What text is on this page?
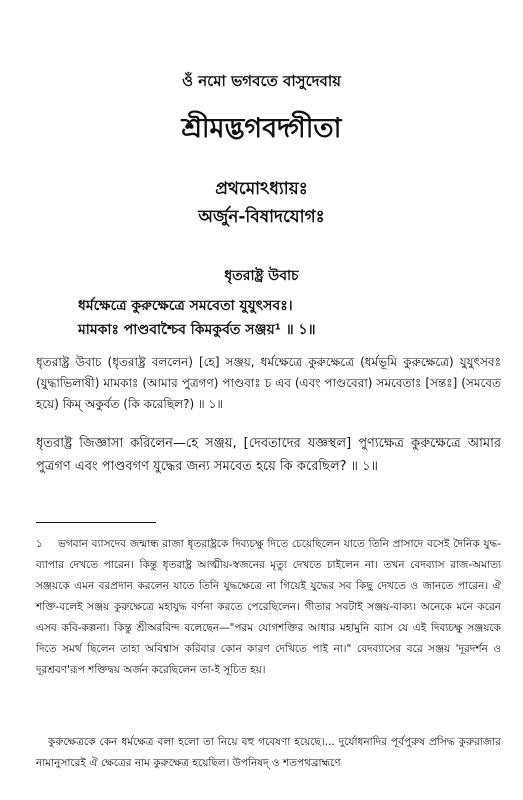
ওঁ নমো ভগবতে বাসুদেবায়
শ্রীমদ্ভগবদ্গীতা
প্রথমোঽধ্যায়ঃ
অর্জুন-বিষাদযোগঃ
ধৃতরাষ্ট্র উবাচ
ধর্মক্ষেত্রে কুরুক্ষেত্রে সমবেতা যুযুৎসবঃ।
মামকাঃ পাণ্ডবাশ্চৈব কিমকুর্বত সঞ্জয়¹ ॥ ১॥
ধৃতরাষ্ট্র উবাচ (ধৃতরাষ্ট্র বললেন) [হে] সঞ্জয়, ধর্মক্ষেত্রে কুরুক্ষেত্রে (ধর্মভূমি কুরুক্ষেত্রে) যুযুৎসবঃ (যুদ্ধাভিলাষী) মামকাঃ (আমার পুত্রগণ) পাণ্ডবাঃ চ এব (এবং পাণ্ডবেরা) সমবেতাঃ [সন্তঃ] (সমবেত হয়ে) কিম্ অকুর্বত (কি করেছিল?) ॥ ১॥
ধৃতরাষ্ট্র জিজ্ঞাসা করিলেন—হে সঞ্জয়, [দেবতাদের যজ্ঞস্থল] পুণ্যক্ষেত্র কুরুক্ষেত্রে আমার পুত্রগণ এবং পাণ্ডবগণ যুদ্ধের জন্য সমবেত হয়ে কি করেছিল? ॥ ১॥
১ ভগবান ব্যাসদেব জন্মান্ধ রাজা ধৃতরাষ্ট্রকে দিব্যচক্ষু দিতে চেয়েছিলেন যাতে তিনি প্রাসাদে বসেই দৈনিক যুদ্ধ-ব্যাপার দেখতে পারেন। কিন্তু ধৃতরাষ্ট্র আত্মীয়-স্বজনের মৃত্যু দেখতে চাইলেন না। তখন বেদব্যাস রাজ-অমাত্য সঞ্জয়কে এমন বরপ্রদান করলেন যাতে তিনি যুদ্ধক্ষেত্রে না গিয়েই যুদ্ধের সব কিছু দেখতে ও জানতে পারেন। ঐ শক্তি-বলেই সঞ্জয় কুরুক্ষেত্রে মহাযুদ্ধ বর্ণনা করতে পেরেছিলেন। গীতার সবটাই সঞ্জয়-বাক্য। অনেকে মনে করেন এসব কবি-কল্পনা। কিন্তু শ্রীঅরবিন্দ বলেছেন—"পরম যোগশক্তির আধার মহামুনি ব্যাস যে এই দিব্যচক্ষু সঞ্জয়কে দিতে সমর্থ ছিলেন তাহা অবিশ্বাস করিবার কোন কারণ দেখিতে পাই না।" বেদব্যাসের বরে সঞ্জয় 'দূরদর্শন ও দূরশ্রবণ'রূপ শক্তিদ্বয় অর্জন করেছিলেন তা-ই সূচিত হয়।
কুরুক্ষেত্রকে কেন ধর্মক্ষেত্র বলা হলো তা নিয়ে বহু গবেষণা হয়েছে।... দুর্যোধনাদির পূর্বপুরুষ প্রসিদ্ধ কুরুরাজার নামানুসারেই ঐ ক্ষেত্রের নাম কুরুক্ষেত্র হয়েছিল। উপনিষদ্ ও শতপথব্রাহ্মণে
